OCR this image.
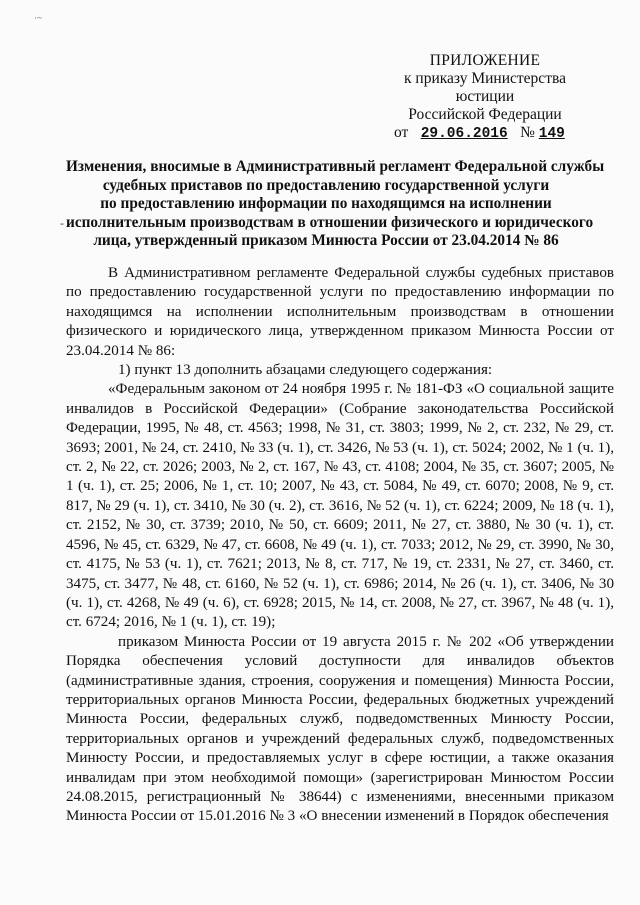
·~
ПРИЛОЖЕНИЕ
к приказу Министерства юстиции
Российской Федерации
от 29.06.2016 № 149
-
Изменения, вносимые в Административный регламент Федеральной службы
судебных приставов по предоставлению государственной услуги
по предоставлению информации по находящимся на исполнении
исполнительным производствам в отношении физического и юридического
лица, утвержденный приказом Минюста России от 23.04.2014 № 86

В Административном регламенте Федеральной службы судебных приставов по предоставлению государственной услуги по предоставлению информации по находящимся на исполнении исполнительным производствам в отношении физического и юридического лица, утвержденном приказом Минюста России от 23.04.2014 № 86:

1) пункт 13 дополнить абзацами следующего содержания:

«Федеральным законом от 24 ноября 1995 г. № 181-ФЗ «О социальной защите инвалидов в Российской Федерации» (Собрание законодательства Российской Федерации, 1995, № 48, ст. 4563; 1998, № 31, ст. 3803; 1999, № 2, ст. 232, № 29, ст. 3693; 2001, № 24, ст. 2410, № 33 (ч. 1), ст. 3426, № 53 (ч. 1), ст. 5024; 2002, № 1 (ч. 1), ст. 2, № 22, ст. 2026; 2003, № 2, ст. 167, № 43, ст. 4108; 2004, № 35, ст. 3607; 2005, № 1 (ч. 1), ст. 25; 2006, № 1, ст. 10; 2007, № 43, ст. 5084, № 49, ст. 6070; 2008, № 9, ст. 817, № 29 (ч. 1), ст. 3410, № 30 (ч. 2), ст. 3616, № 52 (ч. 1), ст. 6224; 2009, № 18 (ч. 1), ст. 2152, № 30, ст. 3739; 2010, № 50, ст. 6609; 2011, № 27, ст. 3880, № 30 (ч. 1), ст. 4596, № 45, ст. 6329, № 47, ст. 6608, № 49 (ч. 1), ст. 7033; 2012, № 29, ст. 3990, № 30, ст. 4175, № 53 (ч. 1), ст. 7621; 2013, № 8, ст. 717, № 19, ст. 2331, № 27, ст. 3460, ст. 3475, ст. 3477, № 48, ст. 6160, № 52 (ч. 1), ст. 6986; 2014, № 26 (ч. 1), ст. 3406, № 30 (ч. 1), ст. 4268, № 49 (ч. 6), ст. 6928; 2015, № 14, ст. 2008, № 27, ст. 3967, № 48 (ч. 1), ст. 6724; 2016, № 1 (ч. 1), ст. 19);

приказом Минюста России от 19 августа 2015 г. № 202 «Об утверждении Порядка обеспечения условий доступности для инвалидов объектов (административные здания, строения, сооружения и помещения) Минюста России, территориальных органов Минюста России, федеральных бюджетных учреждений Минюста России, федеральных служб, подведомственных Минюсту России, территориальных органов и учреждений федеральных служб, подведомственных Минюсту России, и предоставляемых услуг в сфере юстиции, а также оказания инвалидам при этом необходимой помощи» (зарегистрирован Минюстом России 24.08.2015, регистрационный № 38644) с изменениями, внесенными приказом Минюста России от 15.01.2016 № 3 «О внесении изменений в Порядок обеспечения
